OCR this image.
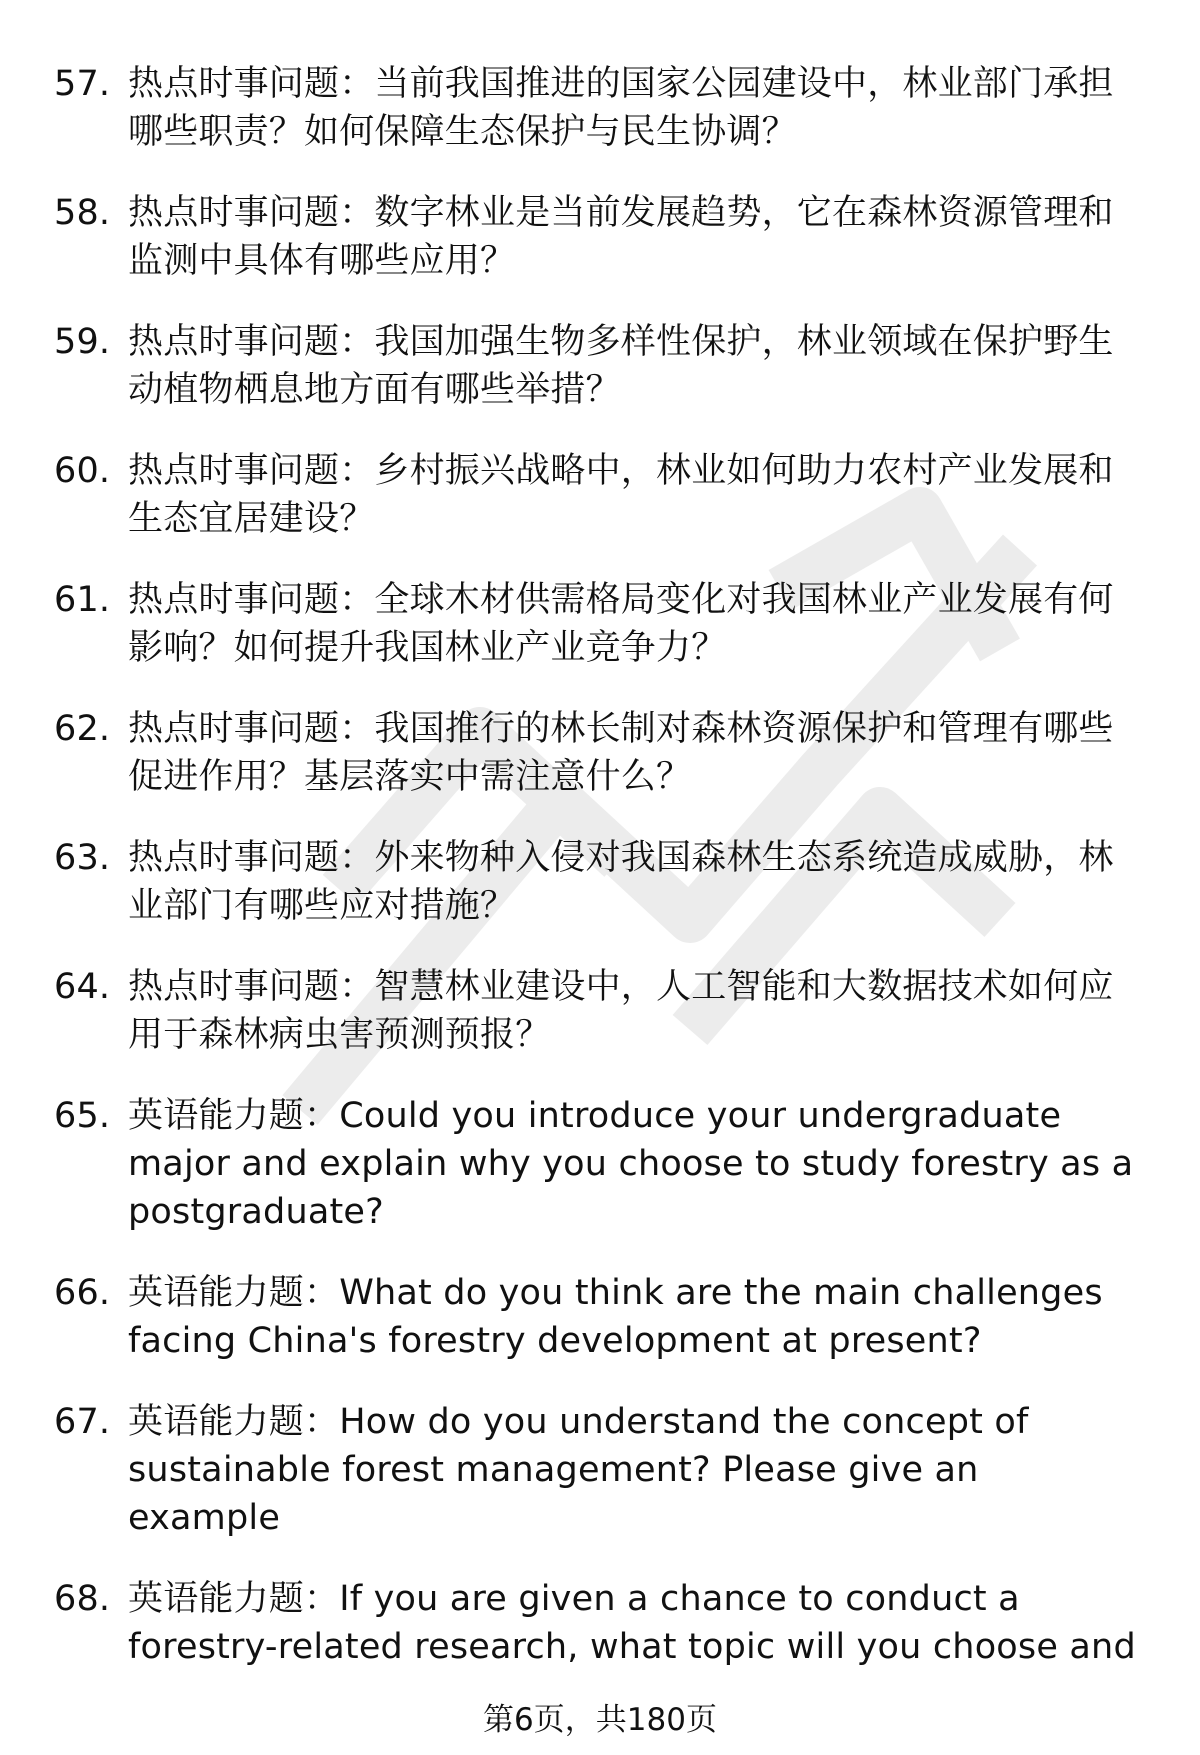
57. 热点时事问题：当前我国推进的国家公园建设中，林业部门承担哪些职责？如何保障生态保护与民生协调？
58. 热点时事问题：数字林业是当前发展趋势，它在森林资源管理和监测中具体有哪些应用？
59. 热点时事问题：我国加强生物多样性保护，林业领域在保护野生动植物栖息地方面有哪些举措？
60. 热点时事问题：乡村振兴战略中，林业如何助力农村产业发展和生态宜居建设？
61. 热点时事问题：全球木材供需格局变化对我国林业产业发展有何影响？如何提升我国林业产业竞争力？
62. 热点时事问题：我国推行的林长制对森林资源保护和管理有哪些促进作用？基层落实中需注意什么？
63. 热点时事问题：外来物种入侵对我国森林生态系统造成威胁，林业部门有哪些应对措施？
64. 热点时事问题：智慧林业建设中，人工智能和大数据技术如何应用于森林病虫害预测预报？
65. 英语能力题：Could you introduce your undergraduate major and explain why you choose to study forestry as a postgraduate?
66. 英语能力题：What do you think are the main challenges facing China's forestry development at present?
67. 英语能力题：How do you understand the concept of sustainable forest management? Please give an example
68. 英语能力题：If you are given a chance to conduct a forestry-related research, what topic will you choose and
第6页，共180页
